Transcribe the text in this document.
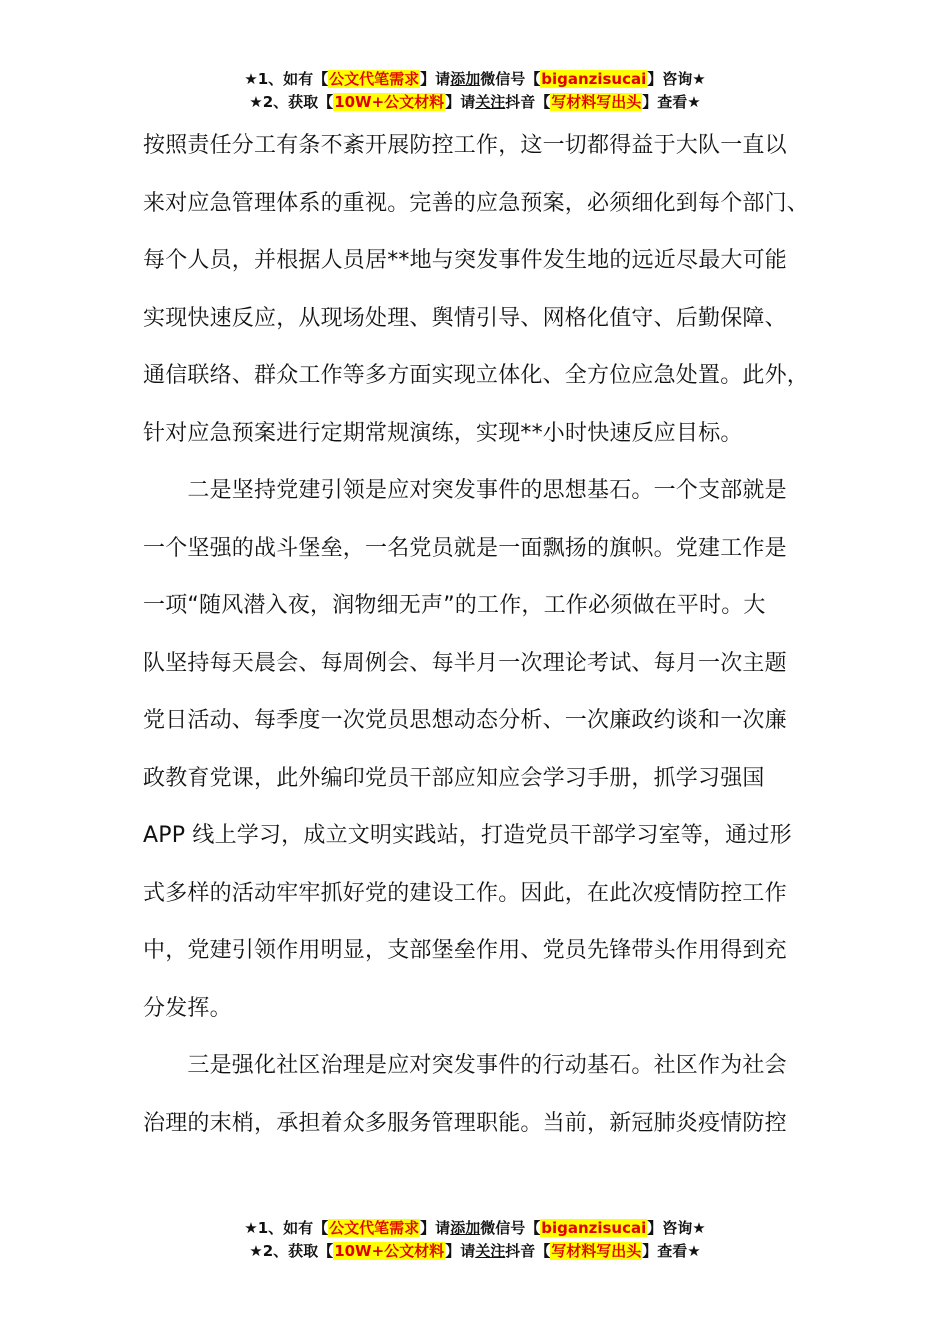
★1、如有【公文代笔需求】请添加微信号【biganzisucai】咨询★
★2、获取【10W+公文材料】请关注抖音【写材料写出头】查看★
按照责任分工有条不紊开展防控工作，这一切都得益于大队一直以
来对应急管理体系的重视。完善的应急预案，必须细化到每个部门、
每个人员，并根据人员居**地与突发事件发生地的远近尽最大可能
实现快速反应，从现场处理、舆情引导、网格化值守、后勤保障、
通信联络、群众工作等多方面实现立体化、全方位应急处置。此外，
针对应急预案进行定期常规演练，实现**小时快速反应目标。
　　二是坚持党建引领是应对突发事件的思想基石。一个支部就是
一个坚强的战斗堡垒，一名党员就是一面飘扬的旗帜。党建工作是
一项“随风潜入夜，润物细无声”的工作，工作必须做在平时。大
队坚持每天晨会、每周例会、每半月一次理论考试、每月一次主题
党日活动、每季度一次党员思想动态分析、一次廉政约谈和一次廉
政教育党课，此外编印党员干部应知应会学习手册，抓学习强国
APP 线上学习，成立文明实践站，打造党员干部学习室等，通过形
式多样的活动牢牢抓好党的建设工作。因此，在此次疫情防控工作
中，党建引领作用明显，支部堡垒作用、党员先锋带头作用得到充
分发挥。
　　三是强化社区治理是应对突发事件的行动基石。社区作为社会
治理的末梢，承担着众多服务管理职能。当前，新冠肺炎疫情防控
★1、如有【公文代笔需求】请添加微信号【biganzisucai】咨询★
★2、获取【10W+公文材料】请关注抖音【写材料写出头】查看★
